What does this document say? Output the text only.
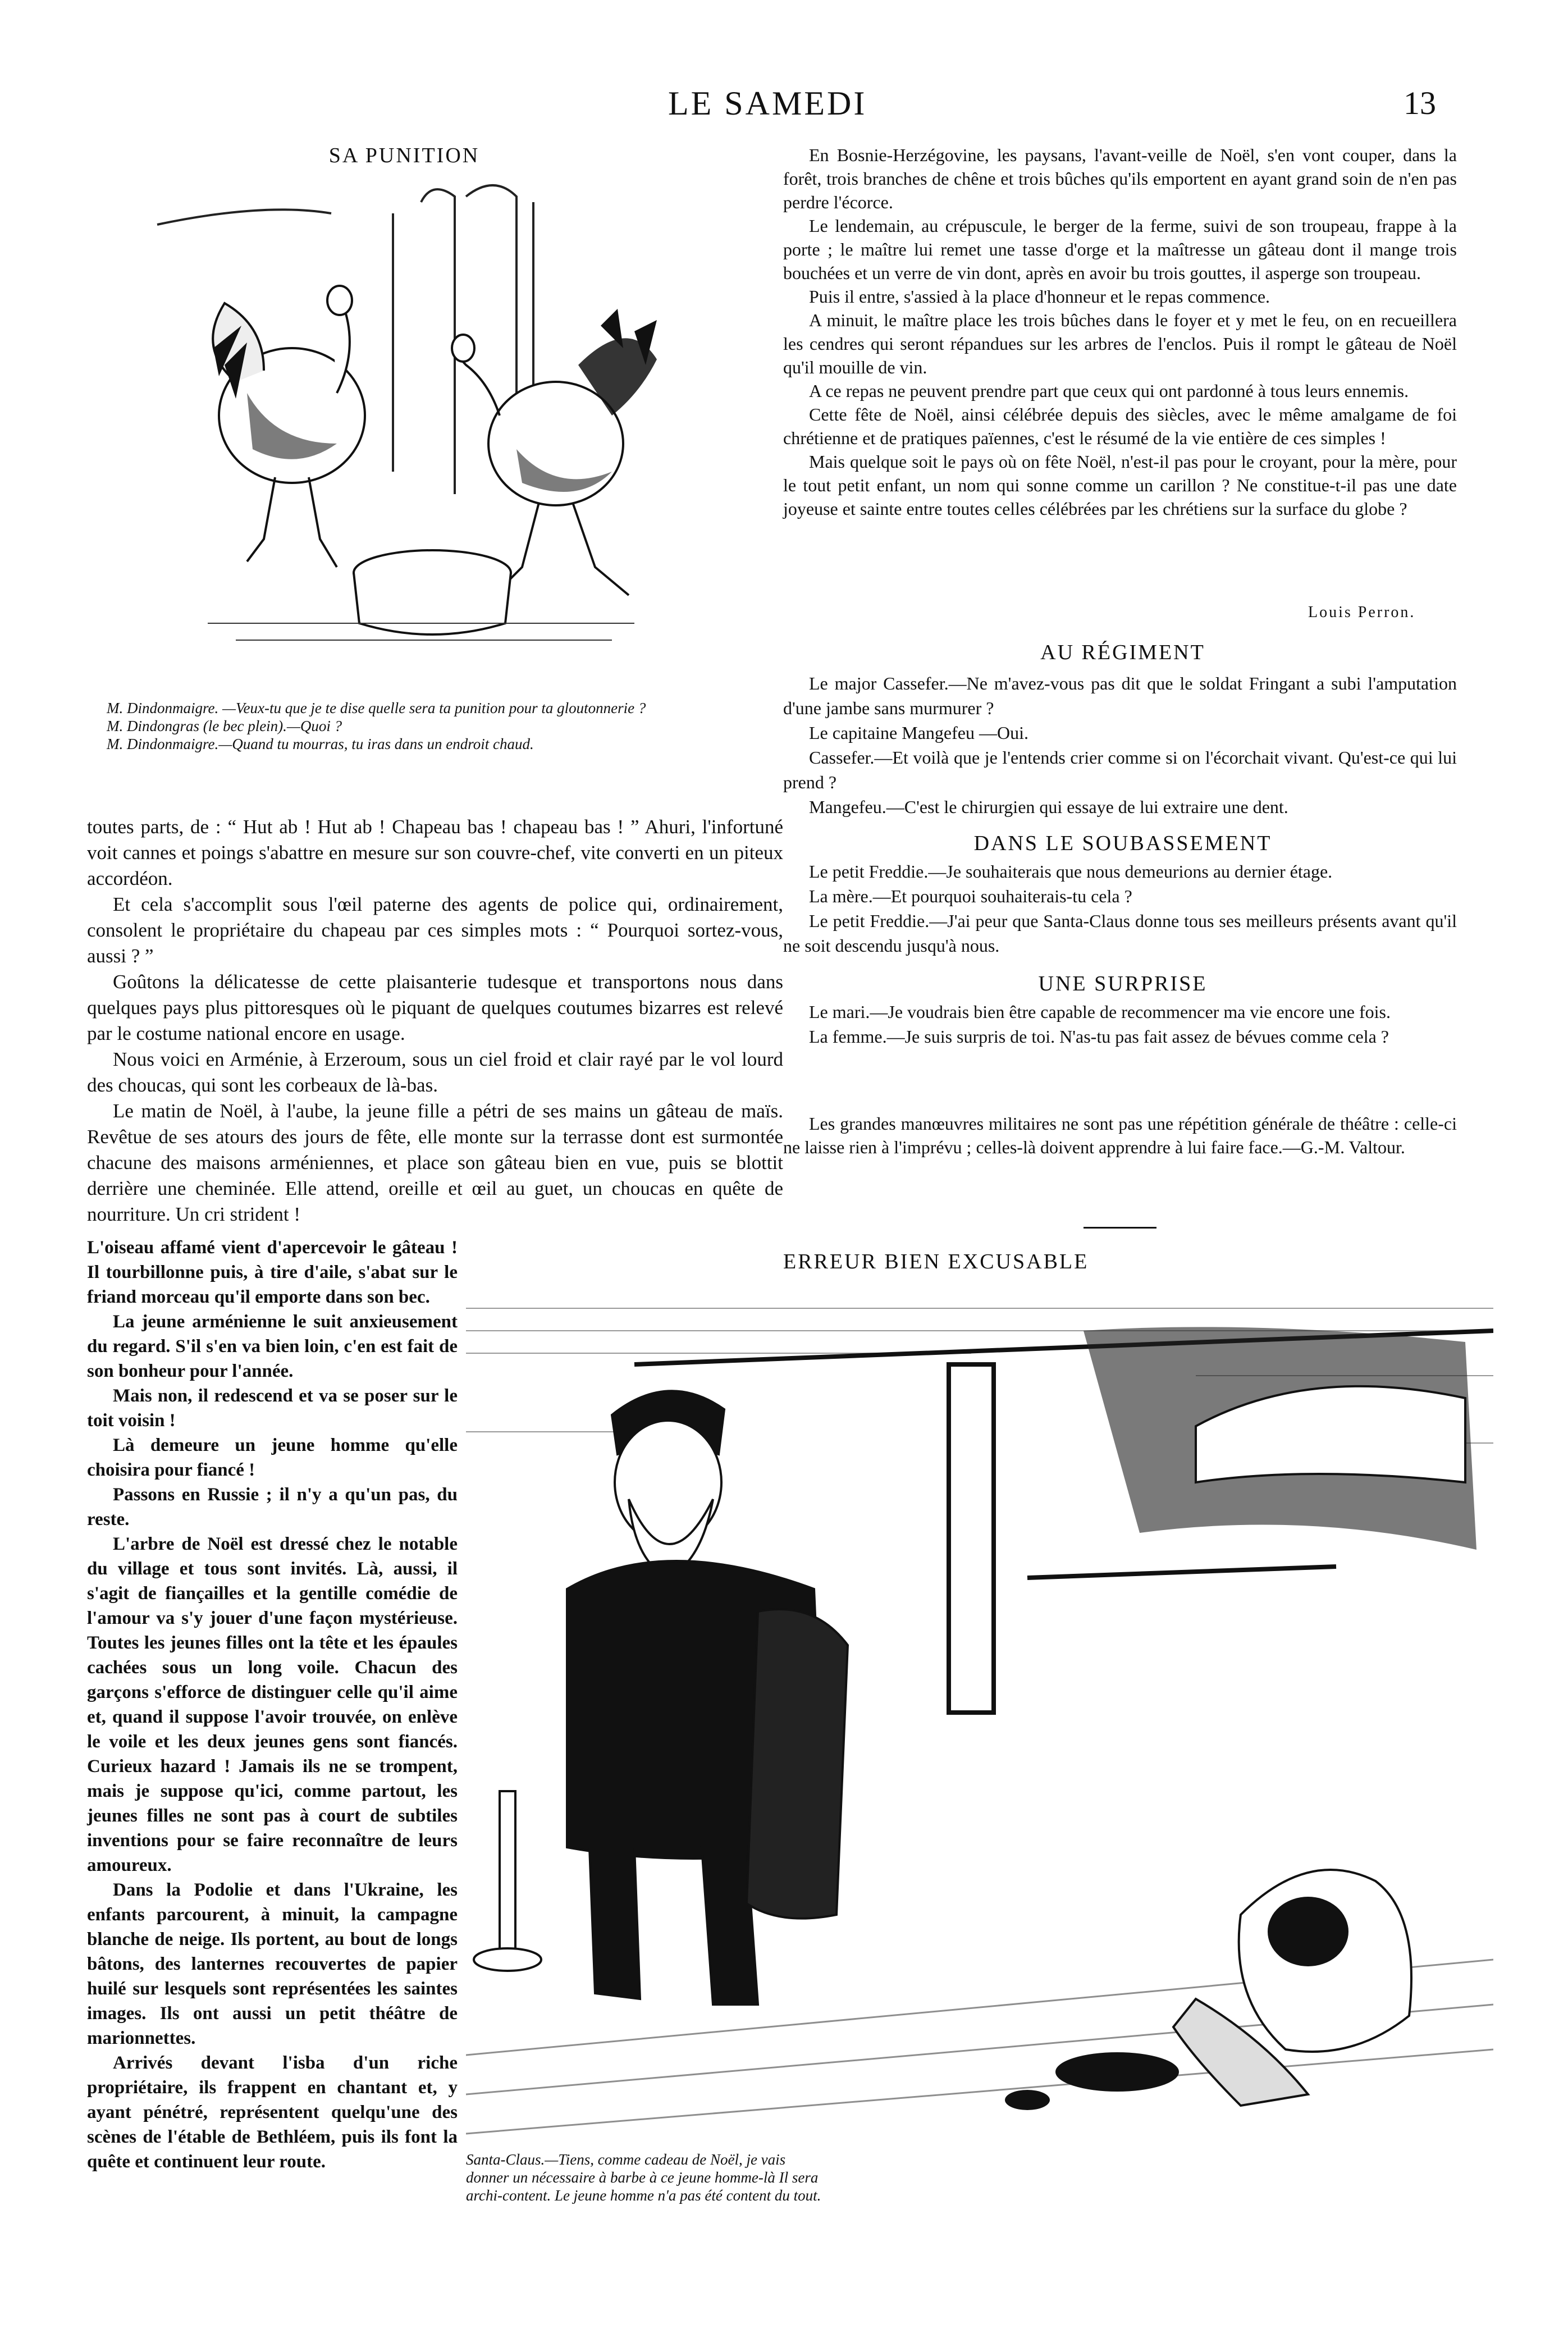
LE SAMEDI	13
SA PUNITION
M. Dindonmaigre. —Veux-tu que je te dise quelle sera ta punition pour ta gloutonnerie ?
M. Dindongras (le bec plein).—Quoi ?
M. Dindonmaigre.—Quand tu mourras, tu iras dans un endroit chaud.

toutes parts, de : “ Hut ab ! Hut ab ! Chapeau bas ! chapeau bas ! ” Ahuri, l'infortuné voit cannes et poings s'abattre en mesure sur son couvre-chef, vite converti en un piteux accordéon.

Et cela s'accomplit sous l'œil paterne des agents de police qui, ordinairement, consolent le propriétaire du chapeau par ces simples mots : “ Pourquoi sortez-vous, aussi ? ”

Goûtons la délicatesse de cette plaisanterie tudesque et transportons nous dans quelques pays plus pittoresques où le piquant de quelques coutumes bizarres est relevé par le costume national encore en usage.

Nous voici en Arménie, à Erzeroum, sous un ciel froid et clair rayé par le vol lourd des choucas, qui sont les corbeaux de là-bas.

Le matin de Noël, à l'aube, la jeune fille a pétri de ses mains un gâteau de maïs. Revêtue de ses atours des jours de fête, elle monte sur la terrasse dont est surmontée chacune des maisons arméniennes, et place son gâteau bien en vue, puis se blottit derrière une cheminée. Elle attend, oreille et œil au guet, un choucas en quête de nourriture. Un cri strident !

L'oiseau affamé vient d'apercevoir le gâteau ! Il tourbillonne puis, à tire d'aile, s'abat sur le friand morceau qu'il emporte dans son bec.

La jeune arménienne le suit anxieusement du regard. S'il s'en va bien loin, c'en est fait de son bonheur pour l'année.

Mais non, il redescend et va se poser sur le toit voisin !

Là demeure un jeune homme qu'elle choisira pour fiancé !

Passons en Russie ; il n'y a qu'un pas, du reste.

L'arbre de Noël est dressé chez le notable du village et tous sont invités. Là, aussi, il s'agit de fiançailles et la gentille comédie de l'amour va s'y jouer d'une façon mystérieuse. Toutes les jeunes filles ont la tête et les épaules cachées sous un long voile. Chacun des garçons s'efforce de distinguer celle qu'il aime et, quand il suppose l'avoir trouvée, on enlève le voile et les deux jeunes gens sont fiancés. Curieux hazard ! Jamais ils ne se trompent, mais je suppose qu'ici, comme partout, les jeunes filles ne sont pas à court de subtiles inventions pour se faire reconnaître de leurs amoureux.

Dans la Podolie et dans l'Ukraine, les enfants parcourent, à minuit, la campagne blanche de neige. Ils portent, au bout de longs bâtons, des lanternes recouvertes de papier huilé sur lesquels sont représentées les saintes images. Ils ont aussi un petit théâtre de marionnettes.

Arrivés devant l'isba d'un riche propriétaire, ils frappent en chantant et, y ayant pénétré, représentent quelqu'une des scènes de l'étable de Bethléem, puis ils font la quête et continuent leur route.

En Bosnie-Herzégovine, les paysans, l'avant-veille de Noël, s'en vont couper, dans la forêt, trois branches de chêne et trois bûches qu'ils emportent en ayant grand soin de n'en pas perdre l'écorce.

Le lendemain, au crépuscule, le berger de la ferme, suivi de son troupeau, frappe à la porte ; le maître lui remet une tasse d'orge et la maîtresse un gâteau dont il mange trois bouchées et un verre de vin dont, après en avoir bu trois gouttes, il asperge son troupeau.

Puis il entre, s'assied à la place d'honneur et le repas commence.

A minuit, le maître place les trois bûches dans le foyer et y met le feu, on en recueillera les cendres qui seront répandues sur les arbres de l'enclos. Puis il rompt le gâteau de Noël qu'il mouille de vin.

A ce repas ne peuvent prendre part que ceux qui ont pardonné à tous leurs ennemis.

Cette fête de Noël, ainsi célébrée depuis des siècles, avec le même amalgame de foi chrétienne et de pratiques païennes, c'est le résumé de la vie entière de ces simples !

Mais quelque soit le pays où on fête Noël, n'est-il pas pour le croyant, pour la mère, pour le tout petit enfant, un nom qui sonne comme un carillon ? Ne constitue-t-il pas une date joyeuse et sainte entre toutes celles célébrées par les chrétiens sur la surface du globe ?

Louis Perron.
AU RÉGIMENT

Le major Cassefer.—Ne m'avez-vous pas dit que le soldat Fringant a subi l'amputation d'une jambe sans murmurer ?

Le capitaine Mangefeu —Oui.

Cassefer.—Et voilà que je l'entends crier comme si on l'écorchait vivant. Qu'est-ce qui lui prend ?

Mangefeu.—C'est le chirurgien qui essaye de lui extraire une dent.

DANS LE SOUBASSEMENT

Le petit Freddie.—Je souhaiterais que nous demeurions au dernier étage.

La mère.—Et pourquoi souhaiterais-tu cela ?

Le petit Freddie.—J'ai peur que Santa-Claus donne tous ses meilleurs présents avant qu'il ne soit descendu jusqu'à nous.

UNE SURPRISE

Le mari.—Je voudrais bien être capable de recommencer ma vie encore une fois.

La femme.—Je suis surpris de toi. N'as-tu pas fait assez de bévues comme cela ?

Les grandes manœuvres militaires ne sont pas une répétition générale de théâtre : celle-ci ne laisse rien à l'imprévu ; celles-là doivent apprendre à lui faire face.—G.-M. Valtour.

ERREUR BIEN EXCUSABLE
Santa-Claus.—Tiens, comme cadeau de Noël, je vais donner un nécessaire à barbe à ce jeune homme-là Il sera archi-content. Le jeune homme n'a pas été content du tout.
